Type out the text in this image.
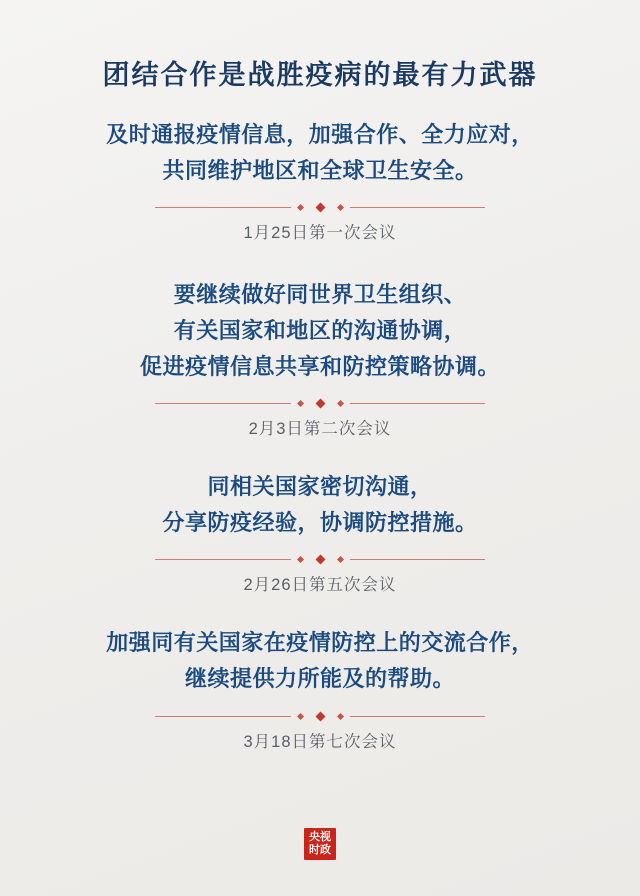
团结合作是战胜疫病的最有力武器
及时通报疫情信息，加强合作、全力应对，
共同维护地区和全球卫生安全。
1月25日第一次会议
要继续做好同世界卫生组织、
有关国家和地区的沟通协调，
促进疫情信息共享和防控策略协调。
2月3日第二次会议
同相关国家密切沟通，
分享防疫经验，协调防控措施。
2月26日第五次会议
加强同有关国家在疫情防控上的交流合作，
继续提供力所能及的帮助。
3月18日第七次会议
央视
时政
